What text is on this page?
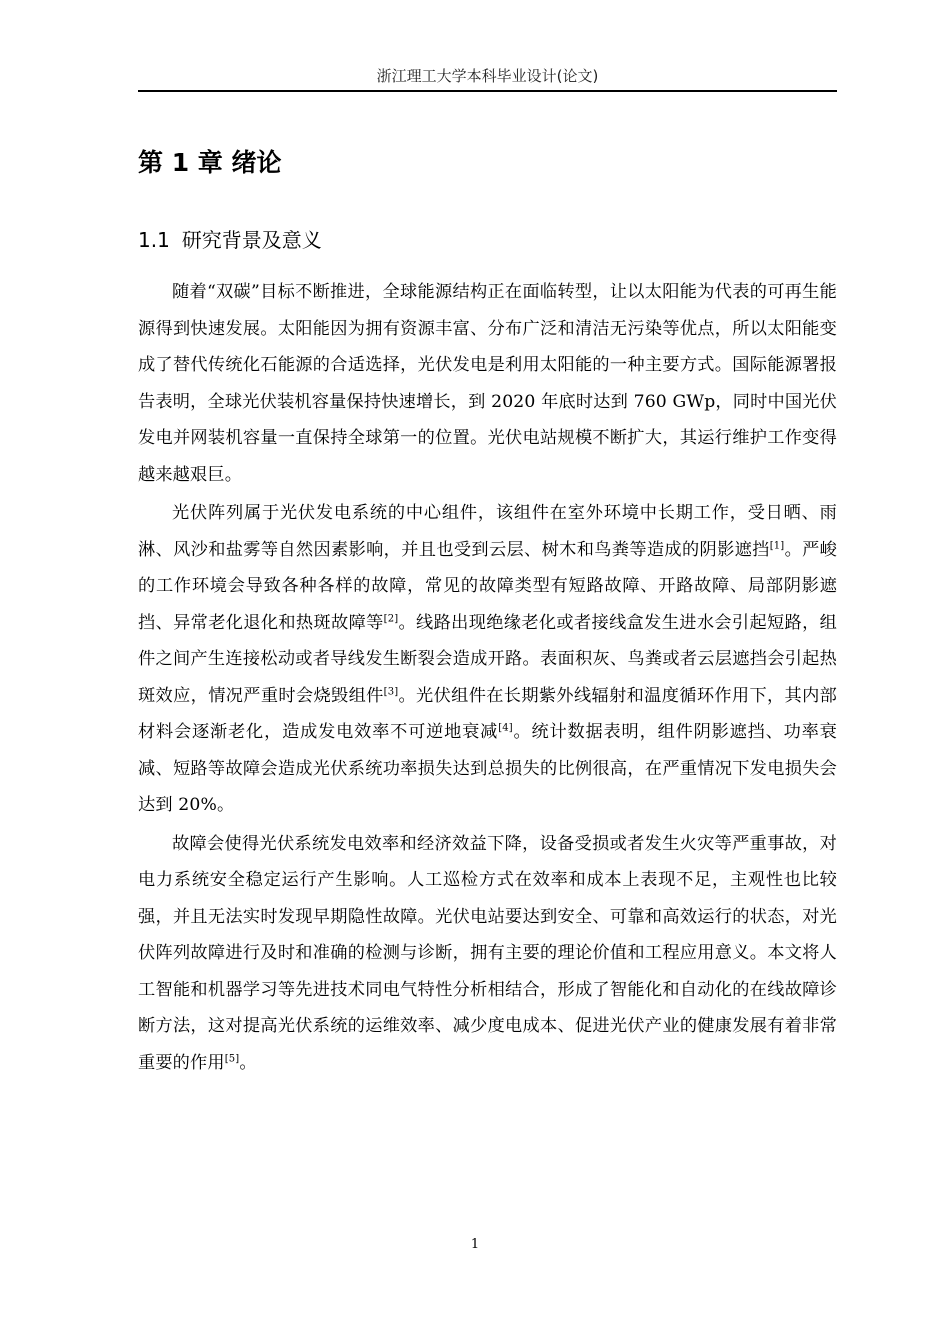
浙江理工大学本科毕业设计(论文)
第 1 章 绪论
1.1 研究背景及意义

随着“双碳”目标不断推进，全球能源结构正在面临转型，让以太阳能为代表的可再生能源得到快速发展。太阳能因为拥有资源丰富、分布广泛和清洁无污染等优点，所以太阳能变成了替代传统化石能源的合适选择，光伏发电是利用太阳能的一种主要方式。国际能源署报告表明，全球光伏装机容量保持快速增长，到 2020 年底时达到 760 GWp，同时中国光伏发电并网装机容量一直保持全球第一的位置。光伏电站规模不断扩大，其运行维护工作变得越来越艰巨。

光伏阵列属于光伏发电系统的中心组件，该组件在室外环境中长期工作，受日晒、雨淋、风沙和盐雾等自然因素影响，并且也受到云层、树木和鸟粪等造成的阴影遮挡[1]。严峻的工作环境会导致各种各样的故障，常见的故障类型有短路故障、开路故障、局部阴影遮挡、异常老化退化和热斑故障等[2]。线路出现绝缘老化或者接线盒发生进水会引起短路，组件之间产生连接松动或者导线发生断裂会造成开路。表面积灰、鸟粪或者云层遮挡会引起热斑效应，情况严重时会烧毁组件[3]。光伏组件在长期紫外线辐射和温度循环作用下，其内部材料会逐渐老化，造成发电效率不可逆地衰减[4]。统计数据表明，组件阴影遮挡、功率衰减、短路等故障会造成光伏系统功率损失达到总损失的比例很高，在严重情况下发电损失会达到 20%。

故障会使得光伏系统发电效率和经济效益下降，设备受损或者发生火灾等严重事故，对电力系统安全稳定运行产生影响。人工巡检方式在效率和成本上表现不足，主观性也比较强，并且无法实时发现早期隐性故障。光伏电站要达到安全、可靠和高效运行的状态，对光伏阵列故障进行及时和准确的检测与诊断，拥有主要的理论价值和工程应用意义。本文将人工智能和机器学习等先进技术同电气特性分析相结合，形成了智能化和自动化的在线故障诊断方法，这对提高光伏系统的运维效率、减少度电成本、促进光伏产业的健康发展有着非常重要的作用[5]。

1
